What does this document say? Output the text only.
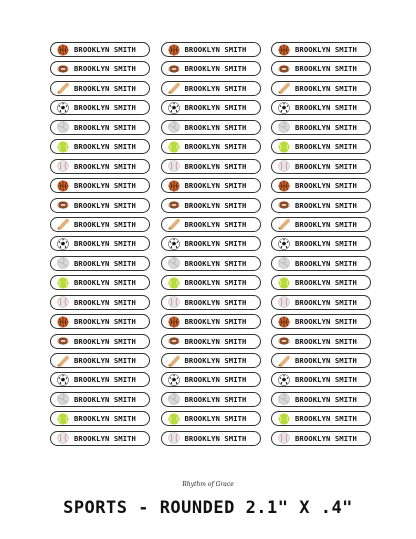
BROOKLYN SMITH
BROOKLYN SMITH
BROOKLYN SMITH
BROOKLYN SMITH
BROOKLYN SMITH
BROOKLYN SMITH
BROOKLYN SMITH
BROOKLYN SMITH
BROOKLYN SMITH
BROOKLYN SMITH
BROOKLYN SMITH
BROOKLYN SMITH
BROOKLYN SMITH
BROOKLYN SMITH
BROOKLYN SMITH
BROOKLYN SMITH
BROOKLYN SMITH
BROOKLYN SMITH
BROOKLYN SMITH
BROOKLYN SMITH
BROOKLYN SMITH
BROOKLYN SMITH
BROOKLYN SMITH
BROOKLYN SMITH
BROOKLYN SMITH
BROOKLYN SMITH
BROOKLYN SMITH
BROOKLYN SMITH
BROOKLYN SMITH
BROOKLYN SMITH
BROOKLYN SMITH
BROOKLYN SMITH
BROOKLYN SMITH
BROOKLYN SMITH
BROOKLYN SMITH
BROOKLYN SMITH
BROOKLYN SMITH
BROOKLYN SMITH
BROOKLYN SMITH
BROOKLYN SMITH
BROOKLYN SMITH
BROOKLYN SMITH
BROOKLYN SMITH
BROOKLYN SMITH
BROOKLYN SMITH
BROOKLYN SMITH
BROOKLYN SMITH
BROOKLYN SMITH
BROOKLYN SMITH
BROOKLYN SMITH
BROOKLYN SMITH
BROOKLYN SMITH
BROOKLYN SMITH
BROOKLYN SMITH
BROOKLYN SMITH
BROOKLYN SMITH
BROOKLYN SMITH
BROOKLYN SMITH
BROOKLYN SMITH
BROOKLYN SMITH
BROOKLYN SMITH
BROOKLYN SMITH
BROOKLYN SMITH
Rhythm of Grace
SPORTS - ROUNDED 2.1" X .4"
